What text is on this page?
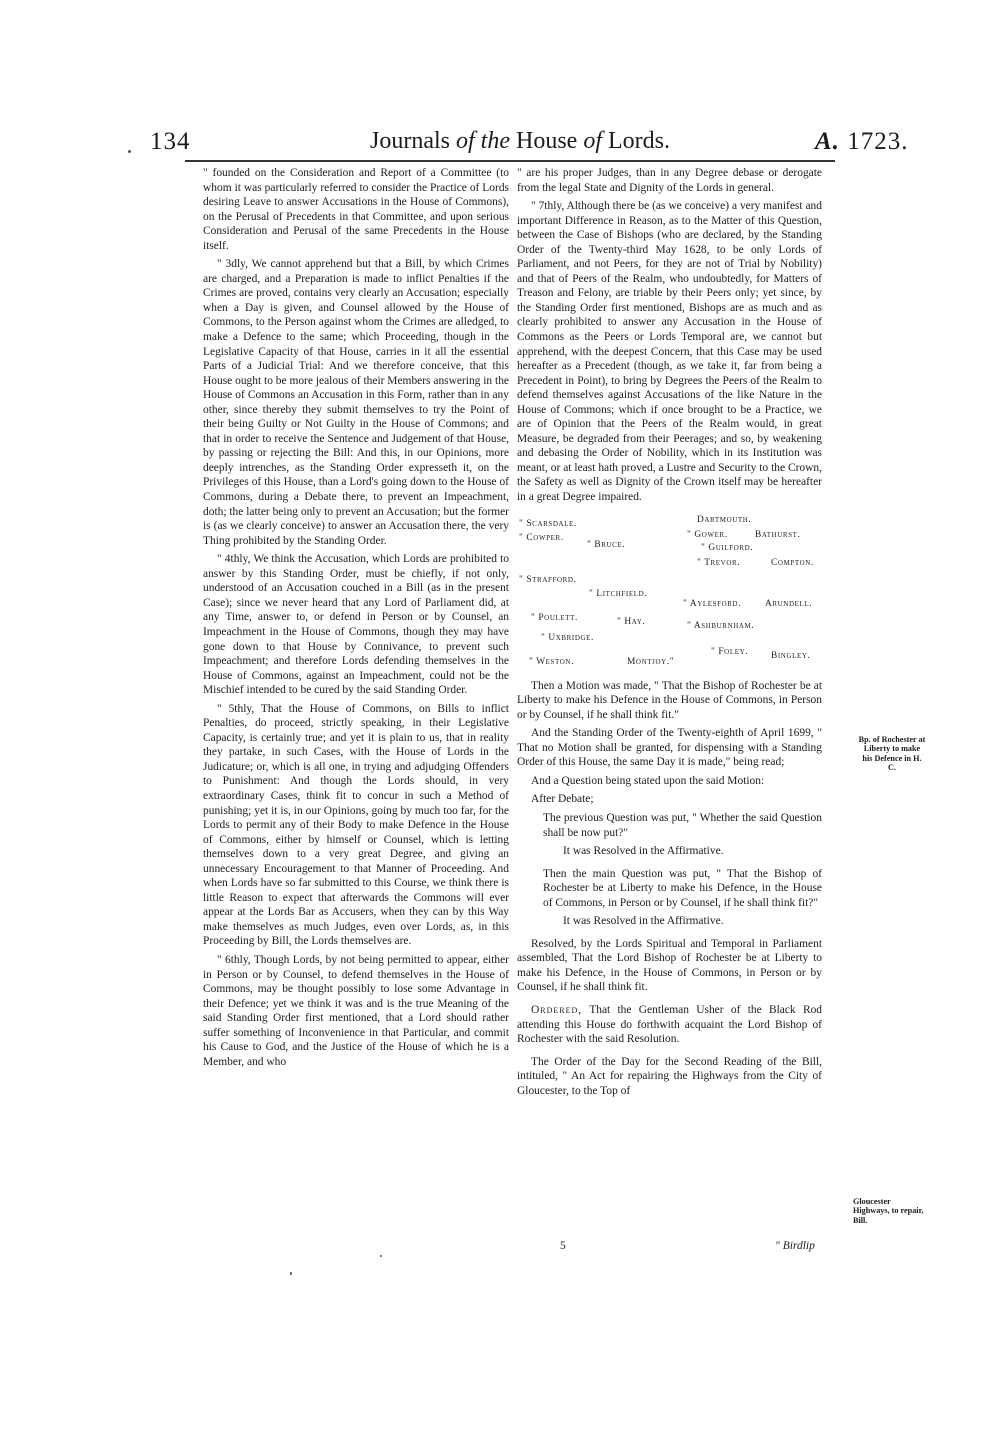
134	Journals of the House of Lords.	A. 1723.

" founded on the Consideration and Report of a Committee (to whom it was particularly referred to consider the Practice of Lords desiring Leave to answer Accusations in the House of Commons), on the Perusal of Precedents in that Committee, and upon serious Consideration and Perusal of the same Precedents in the House itself.

" 3dly, We cannot apprehend but that a Bill, by which Crimes are charged, and a Preparation is made to inflict Penalties if the Crimes are proved, contains very clearly an Accusation; especially when a Day is given, and Counsel allowed by the House of Commons, to the Person against whom the Crimes are alledged, to make a Defence to the same; which Proceeding, though in the Legislative Capacity of that House, carries in it all the essential Parts of a Judicial Trial: And we therefore conceive, that this House ought to be more jealous of their Members answering in the House of Commons an Accusation in this Form, rather than in any other, since thereby they submit themselves to try the Point of their being Guilty or Not Guilty in the House of Commons; and that in order to receive the Sentence and Judgement of that House, by passing or rejecting the Bill: And this, in our Opinions, more deeply intrenches, as the Standing Order expresseth it, on the Privileges of this House, than a Lord's going down to the House of Commons, during a Debate there, to prevent an Impeachment, doth; the latter being only to prevent an Accusation; but the former is (as we clearly conceive) to answer an Accusation there, the very Thing prohibited by the Standing Order.

" 4thly, We think the Accusation, which Lords are prohibited to answer by this Standing Order, must be chiefly, if not only, understood of an Accusation couched in a Bill (as in the present Case); since we never heard that any Lord of Parliament did, at any Time, answer to, or defend in Person or by Counsel, an Impeachment in the House of Commons, though they may have gone down to that House by Connivance, to prevent such Impeachment; and therefore Lords defending themselves in the House of Commons, against an Impeachment, could not be the Mischief intended to be cured by the said Standing Order.

" 5thly, That the House of Commons, on Bills to inflict Penalties, do proceed, strictly speaking, in their Legislative Capacity, is certainly true; and yet it is plain to us, that in reality they partake, in such Cases, with the House of Lords in the Judicature; or, which is all one, in trying and adjudging Offenders to Punishment: And though the Lords should, in very extraordinary Cases, think fit to concur in such a Method of punishing; yet it is, in our Opinions, going by much too far, for the Lords to permit any of their Body to make Defence in the House of Commons, either by himself or Counsel, which is letting themselves down to a very great Degree, and giving an unnecessary Encouragement to that Manner of Proceeding. And when Lords have so far submitted to this Course, we think there is little Reason to expect that afterwards the Commons will ever appear at the Lords Bar as Accusers, when they can by this Way make themselves as much Judges, even over Lords, as, in this Proceeding by Bill, the Lords themselves are.

" 6thly, Though Lords, by not being permitted to appear, either in Person or by Counsel, to defend themselves in the House of Commons, may be thought possibly to lose some Advantage in their Defence; yet we think it was and is the true Meaning of the said Standing Order first mentioned, that a Lord should rather suffer something of Inconvenience in that Particular, and commit his Cause to God, and the Justice of the House of which he is a Member, and who

" are his proper Judges, than in any Degree debase or derogate from the legal State and Dignity of the Lords in general.

" 7thly, Although there be (as we conceive) a very manifest and important Difference in Reason, as to the Matter of this Question, between the Case of Bishops (who are declared, by the Standing Order of the Twenty-third May 1628, to be only Lords of Parliament, and not Peers, for they are not of Trial by Nobility) and that of Peers of the Realm, who undoubtedly, for Matters of Treason and Felony, are triable by their Peers only; yet since, by the Standing Order first mentioned, Bishops are as much and as clearly prohibited to answer any Accusation in the House of Commons as the Peers or Lords Temporal are, we cannot but apprehend, with the deepest Concern, that this Case may be used hereafter as a Precedent (though, as we take it, far from being a Precedent in Point), to bring by Degrees the Peers of the Realm to defend themselves against Accusations of the like Nature in the House of Commons; which if once brought to be a Practice, we are of Opinion that the Peers of the Realm would, in great Measure, be degraded from their Peerages; and so, by weakening and debasing the Order of Nobility, which in its Institution was meant, or at least hath proved, a Lustre and Security to the Crown, the Safety as well as Dignity of the Crown itself may be hereafter in a great Degree impaired.

" Scarsdale.	Dartmouth.
" Cowper.
" Bruce.
" Gower.	Bathurst.
" Guilford.
" Trevor.	Compton.
" Strafford.
" Litchfield.
" Aylesford.	Arundell.
" Poulett.	" Hay.	" Ashburnham.
" Uxbridge.
" Foley. Bingley.
" Weston.	Montjoy."

Then a Motion was made, " That the Bishop of Rochester be at Liberty to make his Defence in the House of Commons, in Person or by Counsel, if he shall think fit."

And the Standing Order of the Twenty-eighth of April 1699, " That no Motion shall be granted, for dispensing with a Standing Order of this House, the same Day it is made," being read;

And a Question being stated upon the said Motion:

After Debate;

The previous Question was put, " Whether the said Question shall be now put?"

It was Resolved in the Affirmative.

Then the main Question was put, " That the Bishop of Rochester be at Liberty to make his Defence, in the House of Commons, in Person or by Counsel, if he shall think fit?"

It was Resolved in the Affirmative.

Resolved, by the Lords Spiritual and Temporal in Parliament assembled, That the Lord Bishop of Rochester be at Liberty to make his Defence, in the House of Commons, in Person or by Counsel, if he shall think fit.

Ordered, That the Gentleman Usher of the Black Rod attending this House do forthwith acquaint the Lord Bishop of Rochester with the said Resolution.

The Order of the Day for the Second Reading of the Bill, intituled, " An Act for repairing the Highways from the City of Gloucester, to the Top of

Bp. of Rochester at Liberty to make his Defence in H. C.
Gloucester Highways, to repair, Bill.
5	" Birdlip
